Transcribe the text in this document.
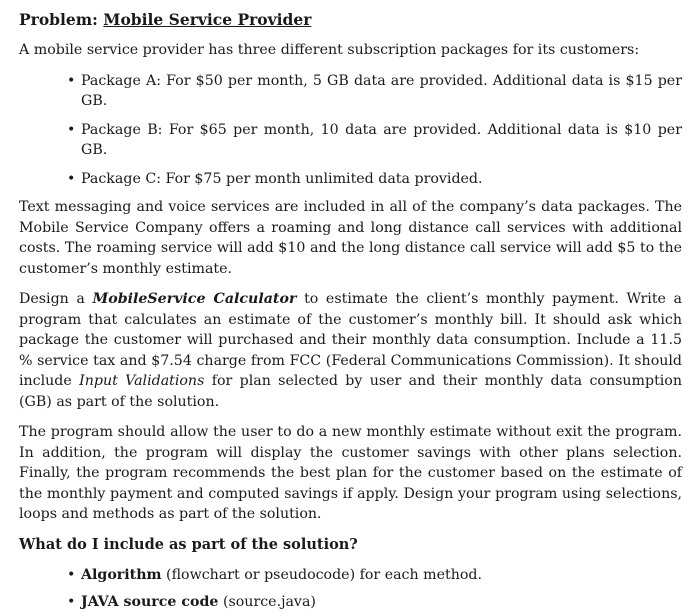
Problem: Mobile Service Provider

A mobile service provider has three different subscription packages for its customers:

• Package A: For $50 per month, 5 GB data are provided. Additional data is $15 per GB.
• Package B: For $65 per month, 10 data are provided. Additional data is $10 per GB.
• Package C: For $75 per month unlimited data provided.

Text messaging and voice services are included in all of the company’s data packages. The Mobile Service Company offers a roaming and long distance call services with additional costs. The roaming service will add $10 and the long distance call service will add $5 to the customer’s monthly estimate.

Design a MobileService Calculator to estimate the client’s monthly payment. Write a program that calculates an estimate of the customer’s monthly bill. It should ask which package the customer will purchased and their monthly data consumption. Include a 11.5 % service tax and $7.54 charge from FCC (Federal Communications Commission). It should include Input Validations for plan selected by user and their monthly data consumption (GB) as part of the solution.

The program should allow the user to do a new monthly estimate without exit the program. In addition, the program will display the customer savings with other plans selection. Finally, the program recommends the best plan for the customer based on the estimate of the monthly payment and computed savings if apply. Design your program using selections, loops and methods as part of the solution.

What do I include as part of the solution?
• Algorithm (flowchart or pseudocode) for each method.
• JAVA source code (source.java)
